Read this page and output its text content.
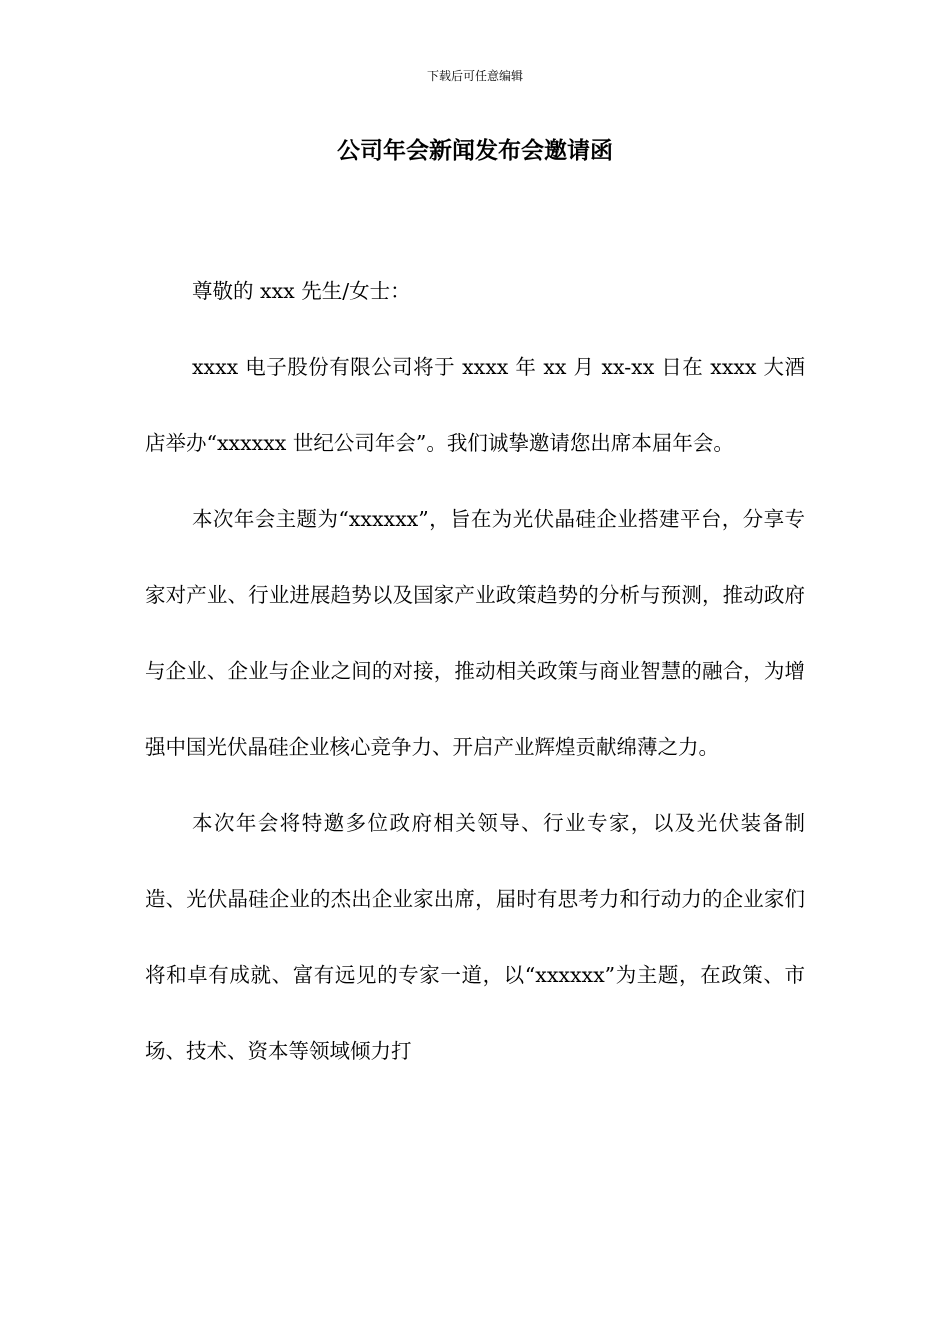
下载后可任意编辑

公司年会新闻发布会邀请函

尊敬的 xxx 先生/女士：

xxxx 电子股份有限公司将于 xxxx 年 xx 月 xx-xx 日在 xxxx 大酒店举办“xxxxxx 世纪公司年会”。我们诚挚邀请您出席本届年会。

本次年会主题为“xxxxxx”，旨在为光伏晶硅企业搭建平台，分享专家对产业、行业进展趋势以及国家产业政策趋势的分析与预测，推动政府与企业、企业与企业之间的对接，推动相关政策与商业智慧的融合，为增强中国光伏晶硅企业核心竞争力、开启产业辉煌贡献绵薄之力。

本次年会将特邀多位政府相关领导、行业专家，以及光伏装备制造、光伏晶硅企业的杰出企业家出席，届时有思考力和行动力的企业家们将和卓有成就、富有远见的专家一道，以“xxxxxx”为主题，在政策、市场、技术、资本等领域倾力打
